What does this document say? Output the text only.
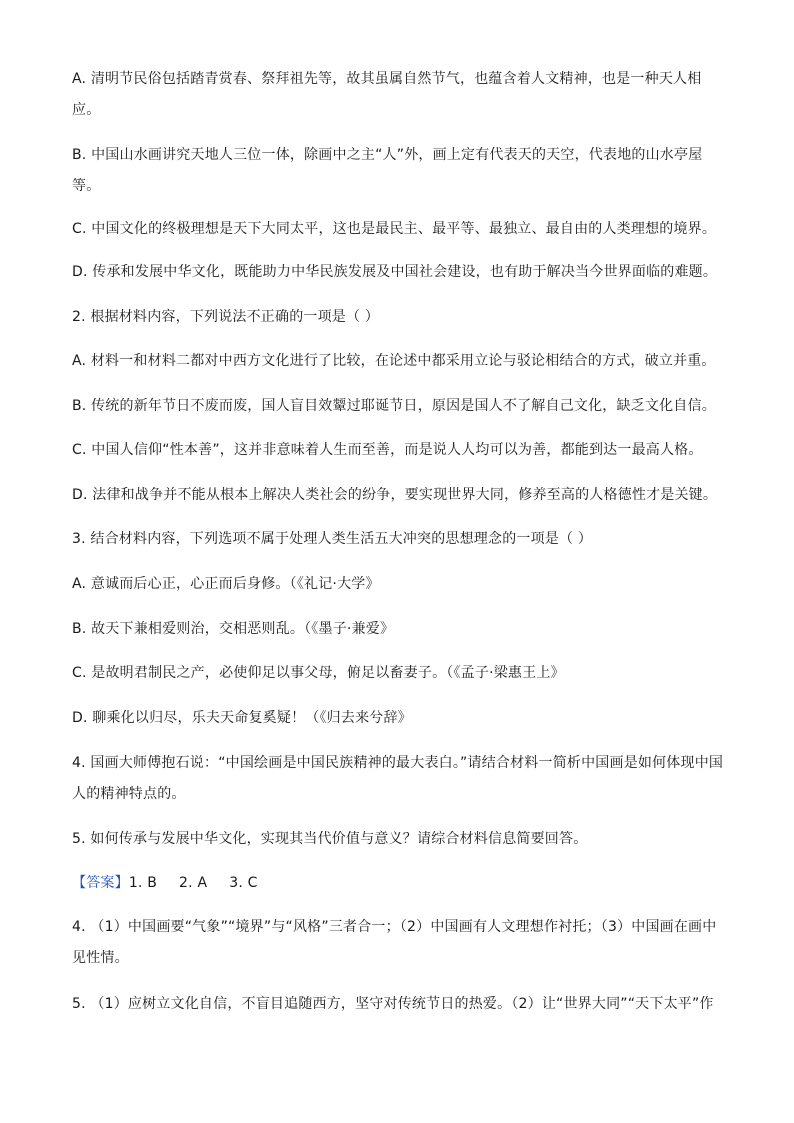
A. 清明节民俗包括踏青赏春、祭拜祖先等，故其虽属自然节气，也蕴含着人文精神，也是一种天人相应。
B. 中国山水画讲究天地人三位一体，除画中之主“人”外，画上定有代表天的天空，代表地的山水亭屋等。
C. 中国文化的终极理想是天下大同太平，这也是最民主、最平等、最独立、最自由的人类理想的境界。
D. 传承和发展中华文化，既能助力中华民族发展及中国社会建设，也有助于解决当今世界面临的难题。
2. 根据材料内容，下列说法不正确的一项是（ ）
A. 材料一和材料二都对中西方文化进行了比较，在论述中都采用立论与驳论相结合的方式，破立并重。
B. 传统的新年节日不废而废，国人盲目效颦过耶诞节日，原因是国人不了解自己文化，缺乏文化自信。
C. 中国人信仰“性本善”，这并非意味着人生而至善，而是说人人均可以为善，都能到达一最高人格。
D. 法律和战争并不能从根本上解决人类社会的纷争，要实现世界大同，修养至高的人格德性才是关键。
3. 结合材料内容，下列选项不属于处理人类生活五大冲突的思想理念的一项是（ ）
A. 意诚而后心正，心正而后身修。（《礼记·大学》
B. 故天下兼相爱则治，交相恶则乱。（《墨子·兼爱》
C. 是故明君制民之产，必使仰足以事父母，俯足以畜妻子。（《孟子·梁惠王上》
D. 聊乘化以归尽，乐夫天命复奚疑！（《归去来兮辞》
4. 国画大师傅抱石说：“中国绘画是中国民族精神的最大表白。”请结合材料一简析中国画是如何体现中国人的精神特点的。
5. 如何传承与发展中华文化，实现其当代价值与意义？请综合材料信息简要回答。
【答案】1. B 2. A 3. C
4. （1）中国画要“气象”“境界”与“风格”三者合一；（2）中国画有人文理想作衬托；（3）中国画在画中见性情。
5. （1）应树立文化自信，不盲目追随西方，坚守对传统节日的热爱。（2）让“世界大同”“天下太平”作
